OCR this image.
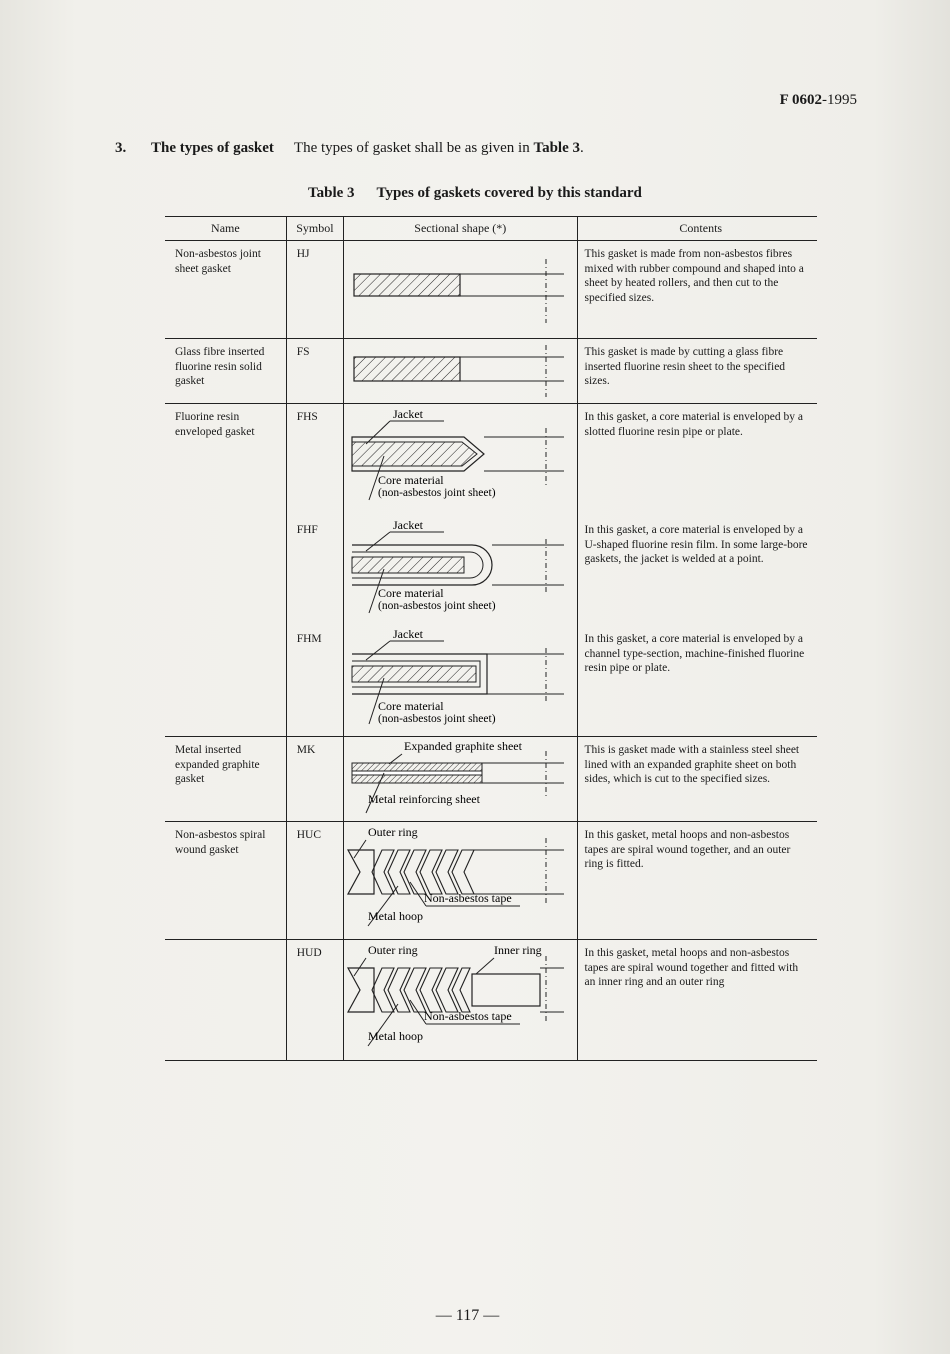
F 0602-1995
3. The types of gasket The types of gasket shall be as given in Table 3.
Table 3 Types of gaskets covered by this standard
Name	Symbol	Sectional shape (*)	Contents
Non-asbestos joint sheet gasket	HJ		This gasket is made from non-asbestos fibres mixed with rubber compound and shaped into a sheet by heated rollers, and then cut to the specified sizes.
Glass fibre inserted fluorine resin solid gasket	FS		This gasket is made by cutting a glass fibre inserted fluorine resin sheet to the specified sizes.
Fluorine resin enveloped gasket	FHS	Jacket
Core material
(non-asbestos joint sheet)	In this gasket, a core material is enveloped by a slotted fluorine resin pipe or plate.
	FHF	Jacket
Core material
(non-asbestos joint sheet)	In this gasket, a core material is enveloped by a U-shaped fluorine resin film. In some large-bore gaskets, the jacket is welded at a point.
	FHM	Jacket
Core material
(non-asbestos joint sheet)	In this gasket, a core material is enveloped by a channel type-section, machine-finished fluorine resin pipe or plate.
Metal inserted expanded graphite gasket	MK	Expanded graphite sheet
Metal reinforcing sheet	This is gasket made with a stainless steel sheet lined with an expanded graphite sheet on both sides, which is cut to the specified sizes.
Non-asbestos spiral wound gasket	HUC	Outer ring
Non-asbestos tape
Metal hoop	In this gasket, metal hoops and non-asbestos tapes are spiral wound together, and an outer ring is fitted.
	HUD	Outer ring Inner ring
Non-asbestos tape
Metal hoop	In this gasket, metal hoops and non-asbestos tapes are spiral wound together and fitted with an inner ring and an outer ring
— 117 —
